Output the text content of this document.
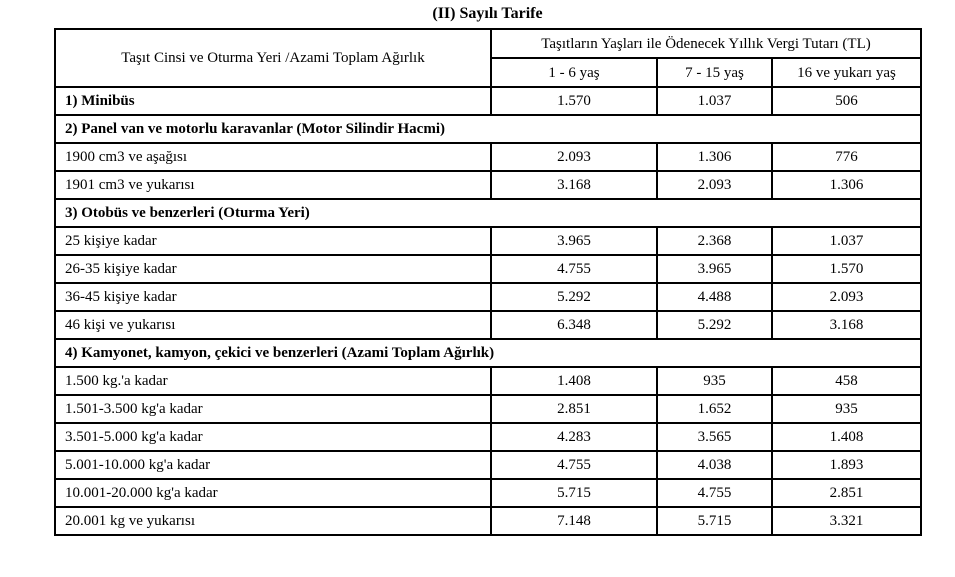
(II) Sayılı Tarife
Taşıt Cinsi ve Oturma Yeri /Azami Toplam Ağırlık	Taşıtların Yaşları ile Ödenecek Yıllık Vergi Tutarı (TL)		
	1 - 6 yaş	7 - 15 yaş	16 ve yukarı yaş
1) Minibüs	1.570	1.037	506
2) Panel van ve motorlu karavanlar (Motor Silindir Hacmi)			
1900 cm3 ve aşağısı	2.093	1.306	776
1901 cm3 ve yukarısı	3.168	2.093	1.306
3) Otobüs ve benzerleri (Oturma Yeri)			
25 kişiye kadar	3.965	2.368	1.037
26-35 kişiye kadar	4.755	3.965	1.570
36-45 kişiye kadar	5.292	4.488	2.093
46 kişi ve yukarısı	6.348	5.292	3.168
4) Kamyonet, kamyon, çekici ve benzerleri (Azami Toplam Ağırlık)			
1.500 kg.'a kadar	1.408	935	458
1.501-3.500 kg'a kadar	2.851	1.652	935
3.501-5.000 kg'a kadar	4.283	3.565	1.408
5.001-10.000 kg'a kadar	4.755	4.038	1.893
10.001-20.000 kg'a kadar	5.715	4.755	2.851
20.001 kg ve yukarısı	7.148	5.715	3.321
